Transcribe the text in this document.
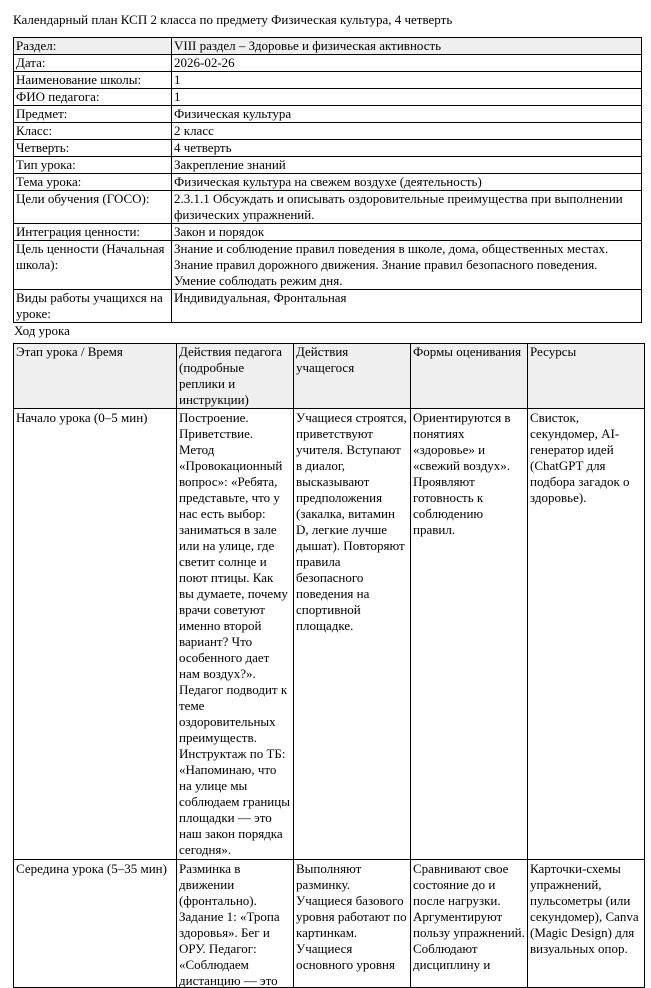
Календарный план КСП 2 класса по предмету Физическая культура, 4 четверть
Раздел:	VIII раздел – Здоровье и физическая активность
Дата:	2026-02-26
Наименование школы:	1
ФИО педагога:	1
Предмет:	Физическая культура
Класс:	2 класс
Четверть:	4 четверть
Тип урока:	Закрепление знаний
Тема урока:	Физическая культура на свежем воздухе (деятельность)
Цели обучения (ГОСО):	2.3.1.1 Обсуждать и описывать оздоровительные преимущества при выполнении физических упражнений.
Интеграция ценности:	Закон и порядок
Цель ценности (Начальная школа):	Знание и соблюдение правил поведения в школе, дома, общественных местах. Знание правил дорожного движения. Знание правил безопасного поведения. Умение соблюдать режим дня.
Виды работы учащихся на уроке:	Индивидуальная, Фронтальная
Ход урока
Этап урока / Время	Действия педагога (подробные реплики и инструкции)	Действия учащегося	Формы оценивания	Ресурсы
Начало урока (0–5 мин)	Построение. Приветствие. Метод «Провокационный вопрос»: «Ребята, представьте, что у нас есть выбор: заниматься в зале или на улице, где светит солнце и поют птицы. Как вы думаете, почему врачи советуют именно второй вариант? Что особенного дает нам воздух?». Педагог подводит к теме оздоровительных преимуществ. Инструктаж по ТБ: «Напоминаю, что на улице мы соблюдаем границы площадки — это наш закон порядка сегодня».	Учащиеся строятся, приветствуют учителя. Вступают в диалог, высказывают предположения (закалка, витамин D, легкие лучше дышат). Повторяют правила безопасного поведения на спортивной площадке.	Ориентируются в понятиях «здоровье» и «свежий воздух». Проявляют готовность к соблюдению правил.	Свисток, секундомер, AI-генератор идей (ChatGPT для подбора загадок о здоровье).

Середина урока (5–35 мин)	Разминка в движении (фронтально). Задание 1: «Тропа здоровья». Бег и ОРУ. Педагог: «Соблюдаем дистанцию — это	Выполняют разминку. Учащиеся базового уровня работают по картинкам. Учащиеся основного уровня	Сравнивают свое состояние до и после нагрузки. Аргументируют пользу упражнений. Соблюдают дисциплину и	Карточки-схемы упражнений, пульсометры (или секундомер), Canva (Magic Design) для визуальных опор.
